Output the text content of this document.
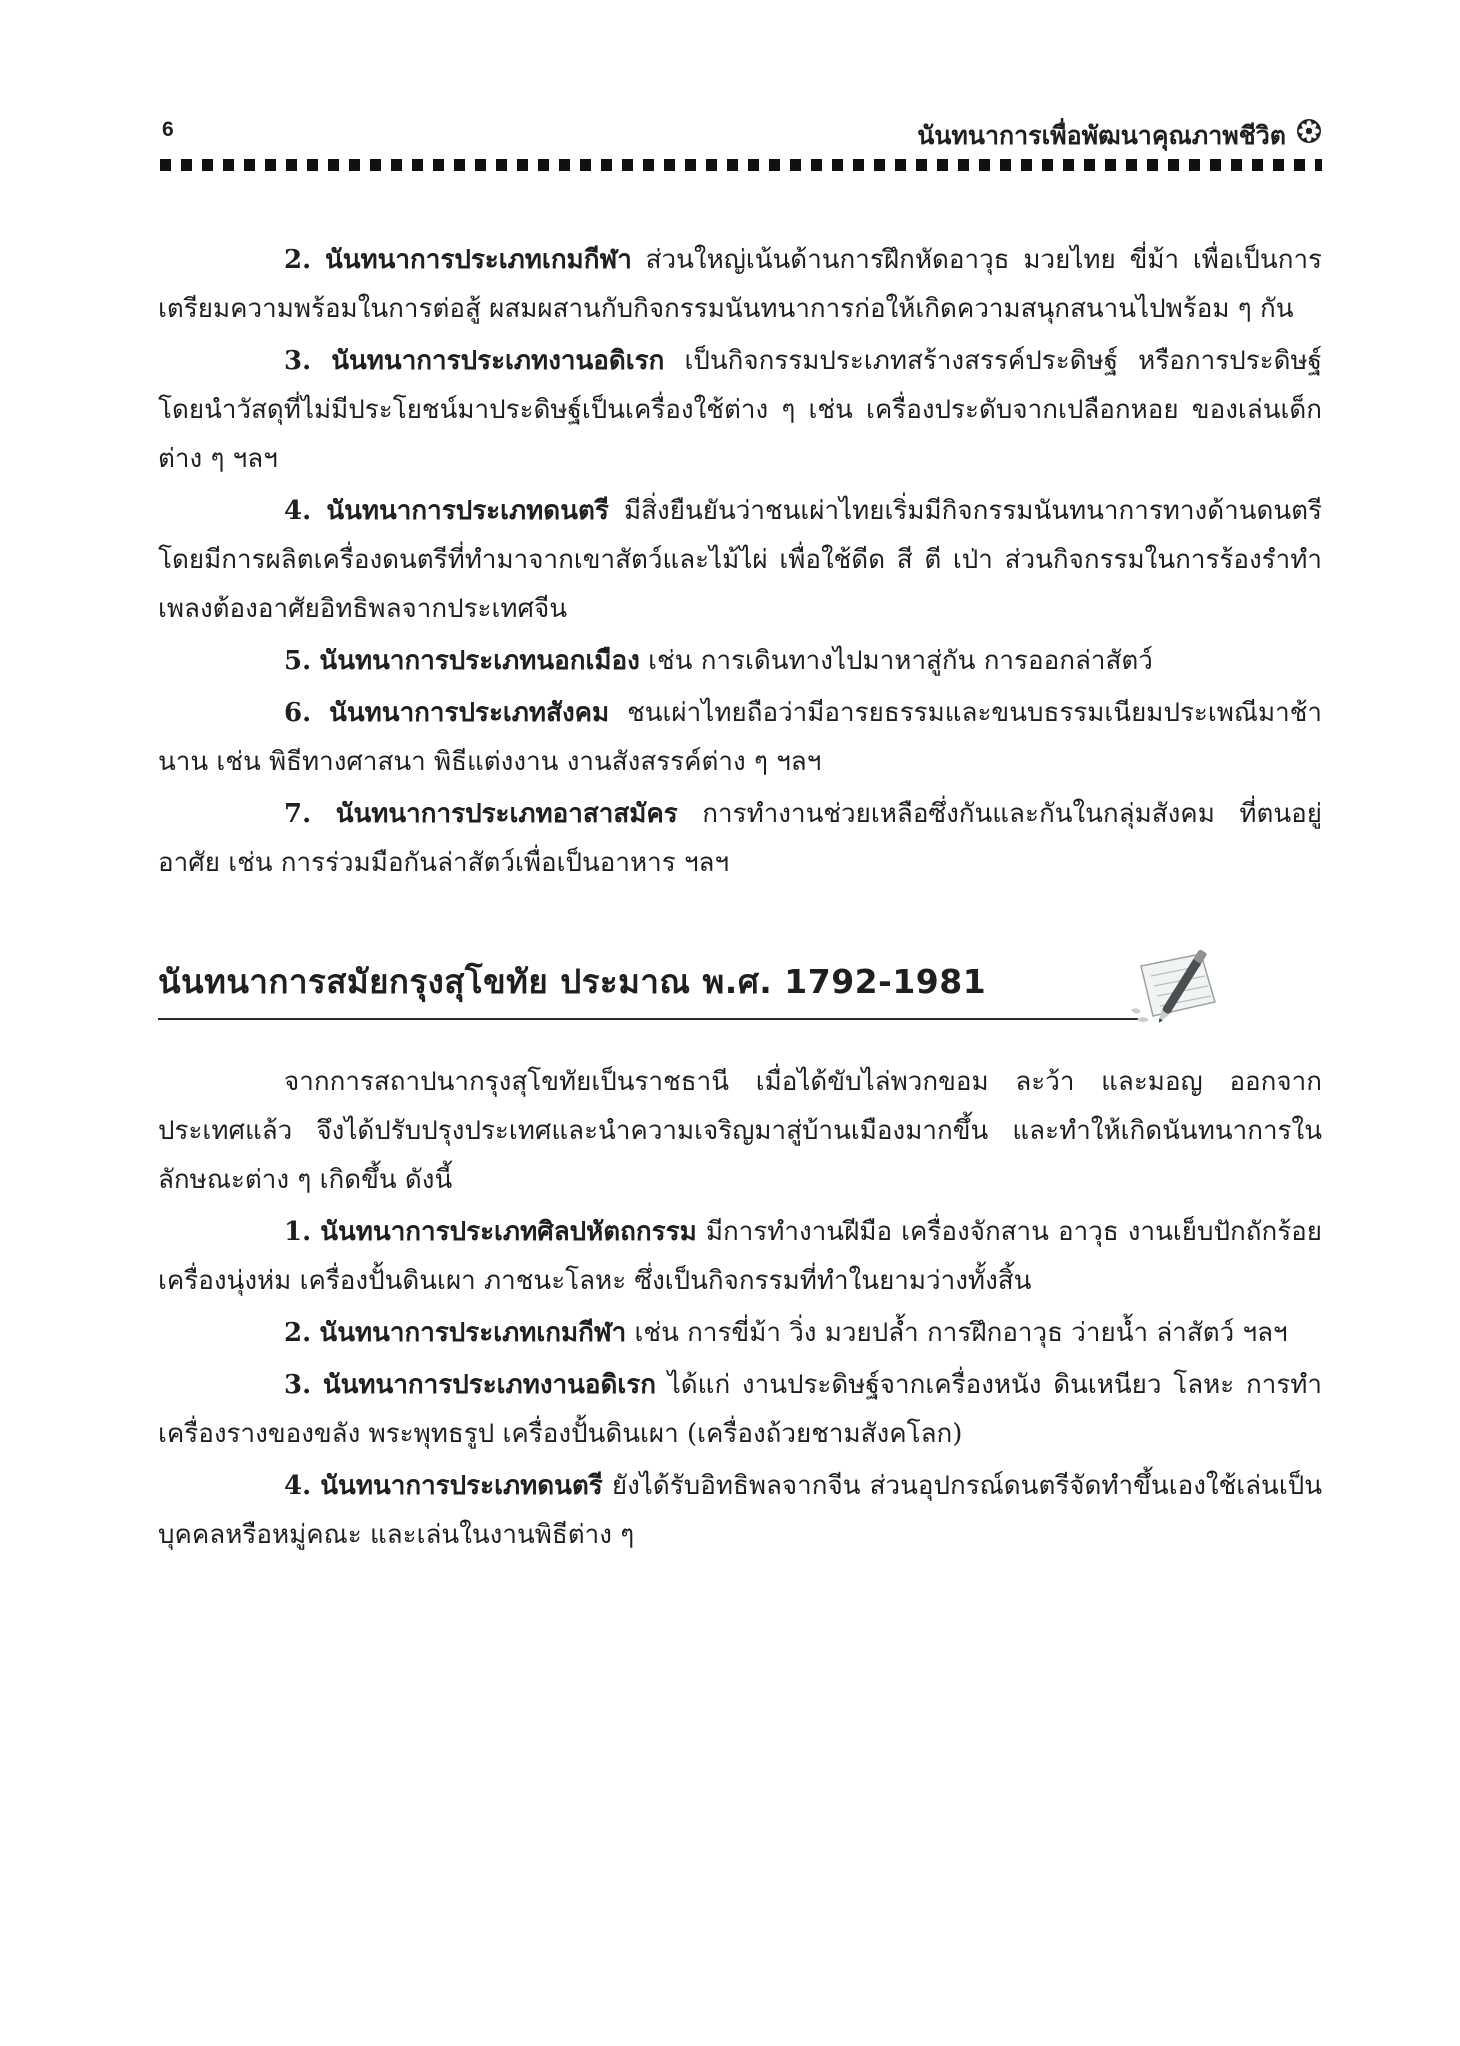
6	นันทนาการเพื่อพัฒนาคุณภาพชีวิต

2. นันทนาการประเภทเกมกีฬา ส่วนใหญ่เน้นด้านการฝึกหัดอาวุธ มวยไทย ขี่ม้า เพื่อเป็นการเตรียมความพร้อมในการต่อสู้ ผสมผสานกับกิจกรรมนันทนาการก่อให้เกิดความสนุกสนานไปพร้อม ๆ กัน

3. นันทนาการประเภทงานอดิเรก เป็นกิจกรรมประเภทสร้างสรรค์ประดิษฐ์ หรือการประดิษฐ์ โดยนำวัสดุที่ไม่มีประโยชน์มาประดิษฐ์เป็นเครื่องใช้ต่าง ๆ เช่น เครื่องประดับจากเปลือกหอย ของเล่นเด็กต่าง ๆ ฯลฯ

4. นันทนาการประเภทดนตรี มีสิ่งยืนยันว่าชนเผ่าไทยเริ่มมีกิจกรรมนันทนาการทางด้านดนตรี โดยมีการผลิตเครื่องดนตรีที่ทำมาจากเขาสัตว์และไม้ไผ่ เพื่อใช้ดีด สี ตี เป่า ส่วนกิจกรรมในการร้องรำทำเพลงต้องอาศัยอิทธิพลจากประเทศจีน

5. นันทนาการประเภทนอกเมือง เช่น การเดินทางไปมาหาสู่กัน การออกล่าสัตว์

6. นันทนาการประเภทสังคม ชนเผ่าไทยถือว่ามีอารยธรรมและขนบธรรมเนียมประเพณีมาช้านาน เช่น พิธีทางศาสนา พิธีแต่งงาน งานสังสรรค์ต่าง ๆ ฯลฯ

7. นันทนาการประเภทอาสาสมัคร การทำงานช่วยเหลือซึ่งกันและกันในกลุ่มสังคม ที่ตนอยู่อาศัย เช่น การร่วมมือกันล่าสัตว์เพื่อเป็นอาหาร ฯลฯ

นันทนาการสมัยกรุงสุโขทัย ประมาณ พ.ศ. 1792-1981

จากการสถาปนากรุงสุโขทัยเป็นราชธานี เมื่อได้ขับไล่พวกขอม ละว้า และมอญ ออกจากประเทศแล้ว จึงได้ปรับปรุงประเทศและนำความเจริญมาสู่บ้านเมืองมากขึ้น และทำให้เกิดนันทนาการในลักษณะต่าง ๆ เกิดขึ้น ดังนี้

1. นันทนาการประเภทศิลปหัตถกรรม มีการทำงานฝีมือ เครื่องจักสาน อาวุธ งานเย็บปักถักร้อย เครื่องนุ่งห่ม เครื่องปั้นดินเผา ภาชนะโลหะ ซึ่งเป็นกิจกรรมที่ทำในยามว่างทั้งสิ้น

2. นันทนาการประเภทเกมกีฬา เช่น การขี่ม้า วิ่ง มวยปล้ำ การฝึกอาวุธ ว่ายน้ำ ล่าสัตว์ ฯลฯ

3. นันทนาการประเภทงานอดิเรก ได้แก่ งานประดิษฐ์จากเครื่องหนัง ดินเหนียว โลหะ การทำเครื่องรางของขลัง พระพุทธรูป เครื่องปั้นดินเผา (เครื่องถ้วยชามสังคโลก)

4. นันทนาการประเภทดนตรี ยังได้รับอิทธิพลจากจีน ส่วนอุปกรณ์ดนตรีจัดทำขึ้นเองใช้เล่นเป็นบุคคลหรือหมู่คณะ และเล่นในงานพิธีต่าง ๆ
